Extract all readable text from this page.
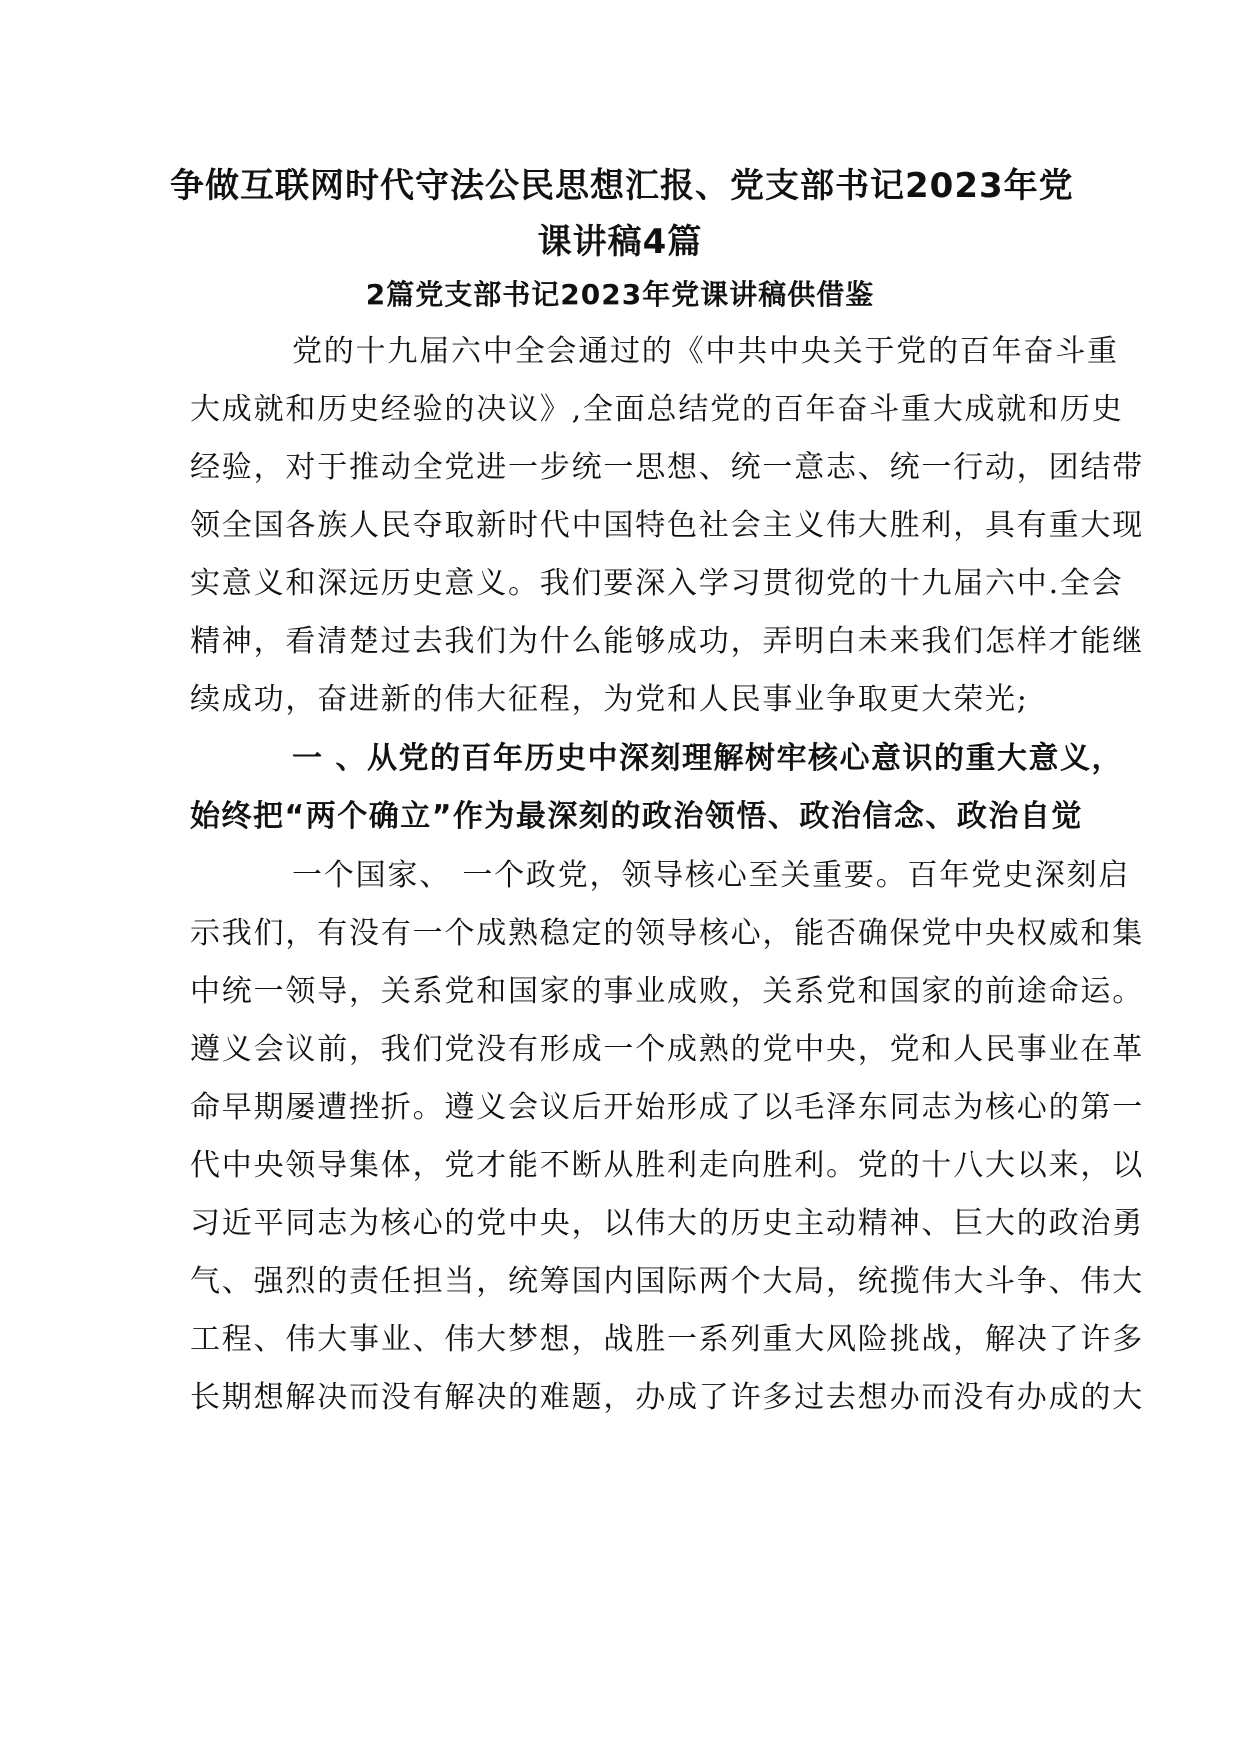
争做互联网时代守法公民思想汇报、党支部书记2023年党
课讲稿4篇
2篇党支部书记2023年党课讲稿供借鉴
党的十九届六中全会通过的《中共中央关于党的百年奋斗重
大成就和历史经验的决议》,全面总结党的百年奋斗重大成就和历史
经验，对于推动全党进一步统一思想、统一意志、统一行动，团结带
领全国各族人民夺取新时代中国特色社会主义伟大胜利，具有重大现
实意义和深远历史意义。我们要深入学习贯彻党的十九届六中.全会
精神，看清楚过去我们为什么能够成功，弄明白未来我们怎样才能继
续成功，奋进新的伟大征程，为党和人民事业争取更大荣光;
一 、从党的百年历史中深刻理解树牢核心意识的重大意义，
始终把“两个确立”作为最深刻的政治领悟、政治信念、政治自觉
一个国家、 一个政党，领导核心至关重要。百年党史深刻启
示我们，有没有一个成熟稳定的领导核心，能否确保党中央权威和集
中统一领导，关系党和国家的事业成败，关系党和国家的前途命运。
遵义会议前，我们党没有形成一个成熟的党中央，党和人民事业在革
命早期屡遭挫折。遵义会议后开始形成了以毛泽东同志为核心的第一
代中央领导集体，党才能不断从胜利走向胜利。党的十八大以来，以
习近平同志为核心的党中央，以伟大的历史主动精神、巨大的政治勇
气、强烈的责任担当，统筹国内国际两个大局，统揽伟大斗争、伟大
工程、伟大事业、伟大梦想，战胜一系列重大风险挑战，解决了许多
长期想解决而没有解决的难题，办成了许多过去想办而没有办成的大
